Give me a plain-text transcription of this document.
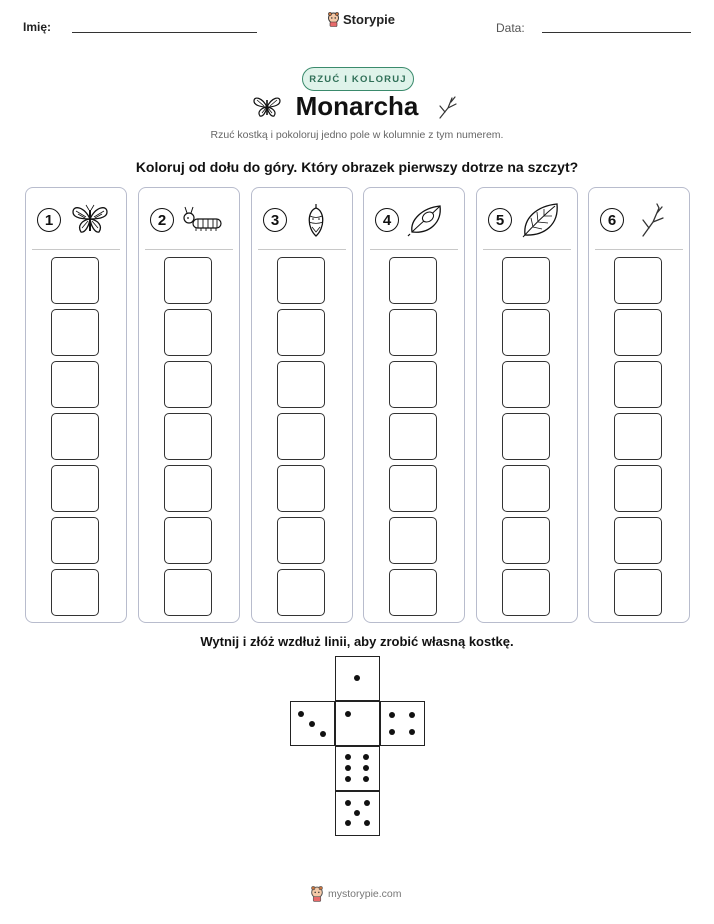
Imię:	Storypie
Data:
RZUĆ I KOLORUJ
Monarcha
Rzuć kostką i pokoloruj jedno pole w kolumnie z tym numerem.
Koloruj od dołu do góry. Który obrazek pierwszy dotrze na szczyt?
1	2	3	4	5	6
Wytnij i złóż wzdłuż linii, aby zrobić własną kostkę.
mystorypie.com
